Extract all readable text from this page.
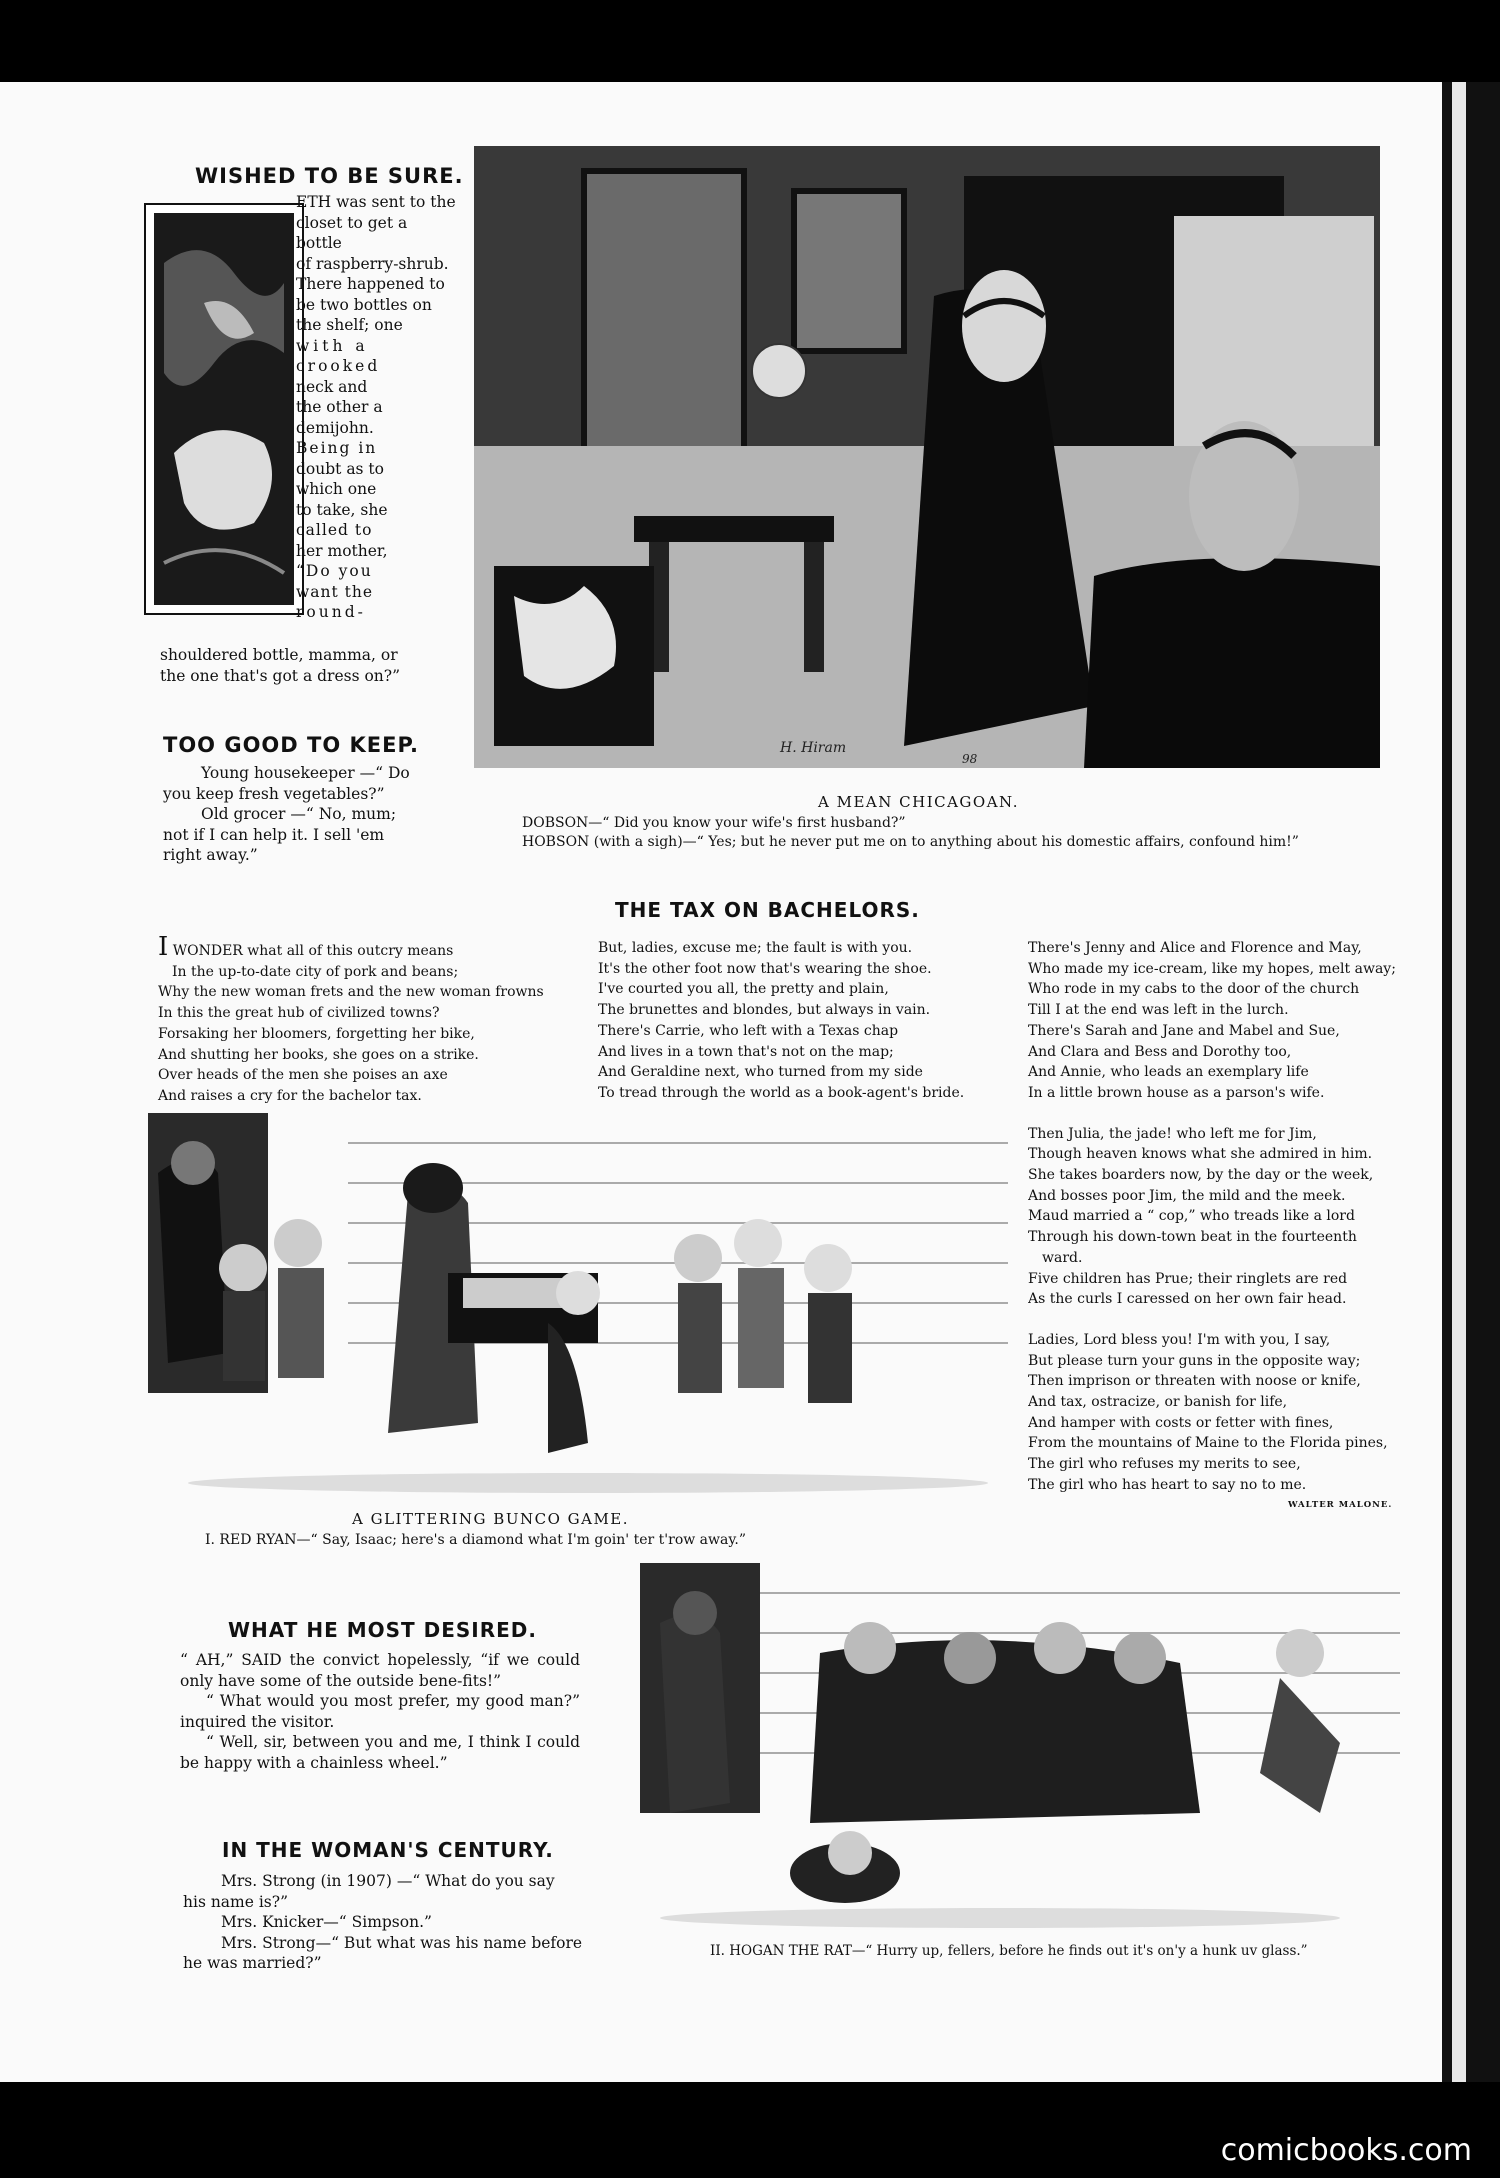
WISHED TO BE SURE.
ETH was sent to the
closet to get a bottle
of raspberry-shrub.
There happened to
be two bottles on
the shelf; one
with a
crooked
neck and
the other a
demijohn.
Being in
doubt as to
which one
to take, she
called to
her mother,
“Do you
want the
round-
shouldered bottle, mamma, or
the one that's got a dress on?”
H. Hiram
98
A MEAN CHICAGOAN.
DOBSON—“ Did you know your wife's first husband?”
HOBSON (with a sigh)—“ Yes; but he never put me on to anything about his domestic affairs, confound him!”
TOO GOOD TO KEEP.
Young housekeeper —“ Do
you keep fresh vegetables?”
Old grocer —“ No, mum;
not if I can help it. I sell 'em
right away.”
THE TAX ON BACHELORS.
I WONDER what all of this outcry means
In the up-to-date city of pork and beans;
Why the new woman frets and the new woman frowns
In this the great hub of civilized towns?
Forsaking her bloomers, forgetting her bike,
And shutting her books, she goes on a strike.
Over heads of the men she poises an axe
And raises a cry for the bachelor tax.
But, ladies, excuse me; the fault is with you.
It's the other foot now that's wearing the shoe.
I've courted you all, the pretty and plain,
The brunettes and blondes, but always in vain.
There's Carrie, who left with a Texas chap
And lives in a town that's not on the map;
And Geraldine next, who turned from my side
To tread through the world as a book-agent's bride.
There's Jenny and Alice and Florence and May,
Who made my ice-cream, like my hopes, melt away;
Who rode in my cabs to the door of the church
Till I at the end was left in the lurch.
There's Sarah and Jane and Mabel and Sue,
And Clara and Bess and Dorothy too,
And Annie, who leads an exemplary life
In a little brown house as a parson's wife.
Then Julia, the jade! who left me for Jim,
Though heaven knows what she admired in him.
She takes boarders now, by the day or the week,
And bosses poor Jim, the mild and the meek.
Maud married a “ cop,” who treads like a lord
Through his down-town beat in the fourteenth
ward.
Five children has Prue; their ringlets are red
As the curls I caressed on her own fair head.
Ladies, Lord bless you! I'm with you, I say,
But please turn your guns in the opposite way;
Then imprison or threaten with noose or knife,
And tax, ostracize, or banish for life,
And hamper with costs or fetter with fines,
From the mountains of Maine to the Florida pines,
The girl who refuses my merits to see,
The girl who has heart to say no to me.
WALTER MALONE.
A GLITTERING BUNCO GAME.
I. RED RYAN—“ Say, Isaac; here's a diamond what I'm goin' ter t'row away.”
WHAT HE MOST DESIRED.
“ AH,” SAID the convict hopelessly, “if we could only have some of the outside bene-fits!”
“ What would you most prefer, my good man?” inquired the visitor.
“ Well, sir, between you and me, I think I could be happy with a chainless wheel.”
IN THE WOMAN'S CENTURY.
Mrs. Strong (in 1907) —“ What do you say
his name is?”
Mrs. Knicker—“ Simpson.”
Mrs. Strong—“ But what was his name before
he was married?”
II. HOGAN THE RAT—“ Hurry up, fellers, before he finds out it's on'y a hunk uv glass.”
comicbooks.com
